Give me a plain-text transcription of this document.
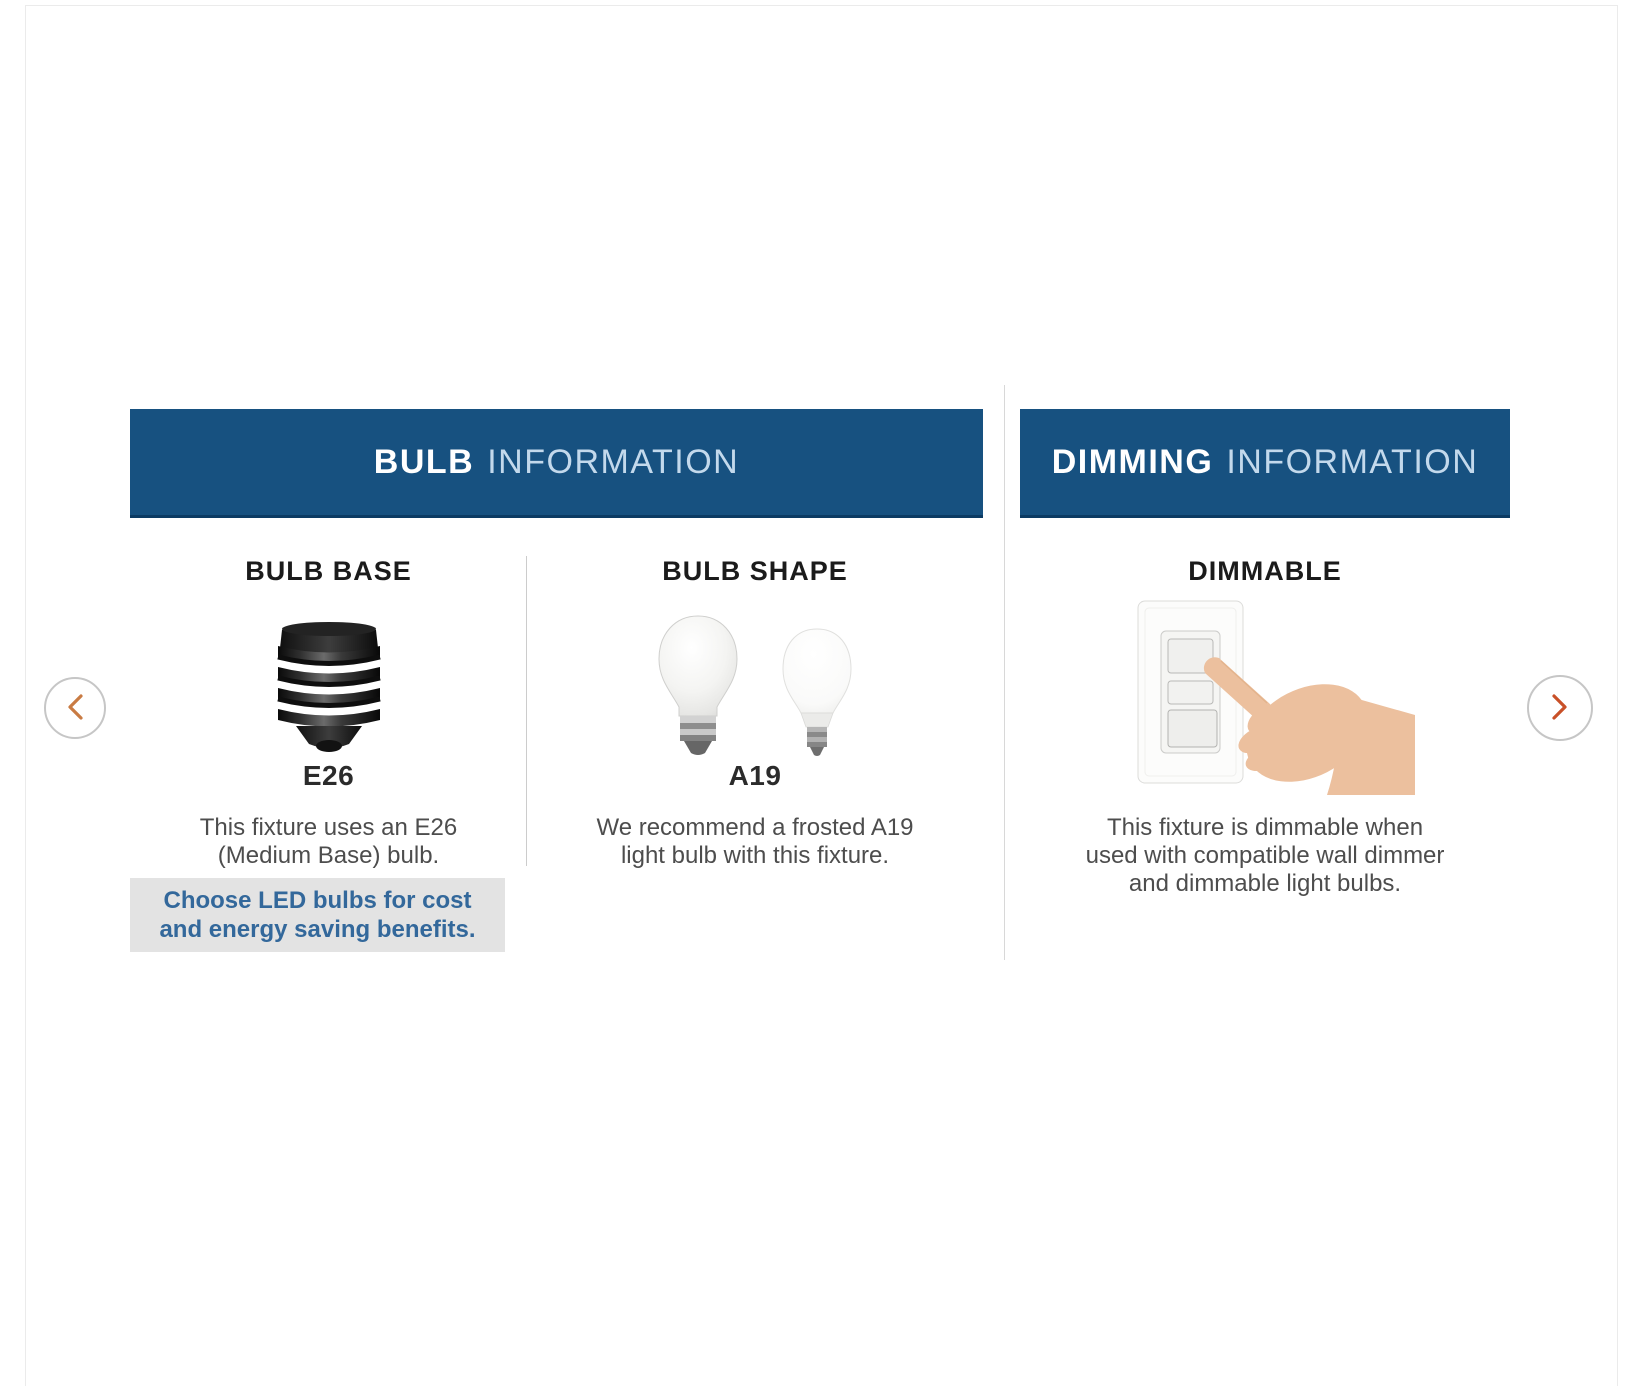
BULB INFORMATION	DIMMING INFORMATION
BULB BASE
E26
This fixture uses an E26
(Medium Base) bulb.
Choose LED bulbs for cost
and energy saving benefits.
BULB SHAPE
A19
We recommend a frosted A19
light bulb with this fixture.
DIMMABLE
This fixture is dimmable when
used with compatible wall dimmer
and dimmable light bulbs.
